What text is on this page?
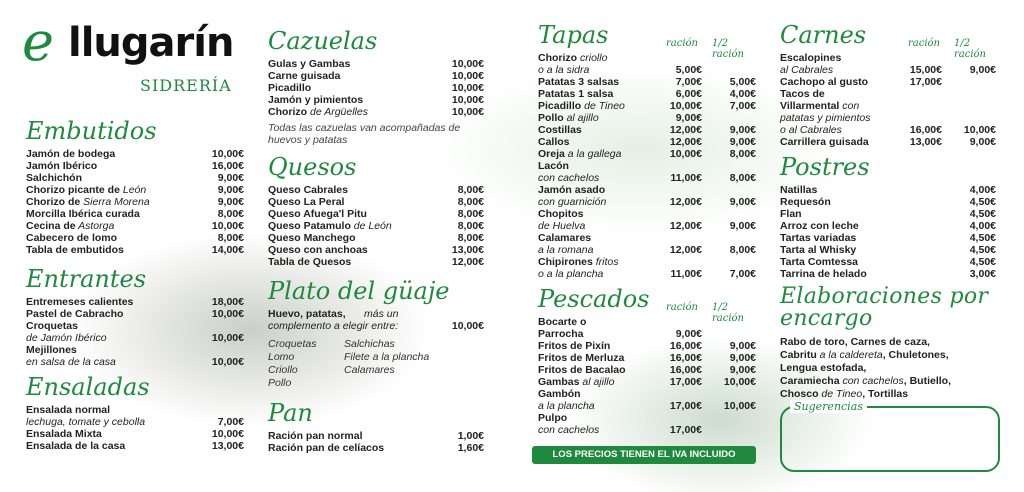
e llugarín
SIDRERÍA
Embutidos
Jamón de bodega	10,00€
Jamón Ibérico	16,00€
Salchichón	9,00€
Chorizo picante de León	9,00€
Chorizo de Sierra Morena	9,00€
Morcilla Ibérica curada	8,00€
Cecina de Astorga	10,00€
Cabecero de lomo	8,00€
Tabla de embutidos	14,00€
Entrantes
Entremeses calientes	18,00€
Pastel de Cabracho	10,00€
Croquetas
de Jamón Ibérico	10,00€
Mejillones
en salsa de la casa	10,00€
Ensaladas
Ensalada normal
lechuga, tomate y cebolla	7,00€
Ensalada Mixta	10,00€
Ensalada de la casa	13,00€
Cazuelas
Gulas y Gambas	10,00€
Carne guisada	10,00€
Picadillo	10,00€
Jamón y pimientos	10,00€
Chorizo de Argüelles	10,00€
Todas las cazuelas van acompañadas de huevos y patatas
Quesos
Queso Cabrales	8,00€
Queso La Peral	8,00€
Queso Afuega'l Pitu	8,00€
Queso Patamulo de León	8,00€
Queso Manchego	8,00€
Queso con anchoas	13,00€
Tabla de Quesos	12,00€
Plato del güaje
Huevo, patatas, más un
complemento a elegir entre:	10,00€
Croquetas	Salchichas
Lomo	Filete a la plancha
Criollo	Calamares
Pollo
Pan
Ración pan normal	1,00€
Ración pan de celíacos	1,60€
Tapas	ración 1/2 ración
Chorizo criollo
o a la sidra	5,00€
Patatas 3 salsas	7,00€	5,00€
Patatas 1 salsa	6,00€	4,00€
Picadillo de Tineo	10,00€	7,00€
Pollo al ajillo	9,00€
Costillas	12,00€	9,00€
Callos	12,00€	9,00€
Oreja a la gallega	10,00€	8,00€
Lacón
con cachelos	11,00€	8,00€
Jamón asado
con guarnición	12,00€	9,00€
Chopitos
de Huelva	12,00€	9,00€
Calamares
a la romana	12,00€	8,00€
Chipirones fritos
o a la plancha	11,00€	7,00€
Pescados	ración 1/2 ración
Bocarte o
Parrocha	9,00€
Fritos de Pixín	16,00€	9,00€
Fritos de Merluza	16,00€	9,00€
Fritos de Bacalao	16,00€	9,00€
Gambas al ajillo	17,00€ 10,00€
Gambón
a la plancha	17,00€ 10,00€
Pulpo
con cachelos	17,00€
LOS PRECIOS TIENEN EL IVA INCLUIDO
Carnes	ración 1/2 ración
Escalopines
al Cabrales	15,00€	9,00€
Cachopo al gusto	17,00€
Tacos de
Villarmental con
patatas y pimientos
o al Cabrales	16,00€ 10,00€
Carrillera guisada	13,00€	9,00€
Postres
Natillas	4,00€
Requesón	4,50€
Flan	4,50€
Arroz con leche	4,00€
Tartas variadas	4,50€
Tarta al Whisky	4,50€
Tarta Comtessa	4,50€
Tarrina de helado	3,00€
Elaboraciones por
encargo
Rabo de toro, Carnes de caza,
Cabritu a la caldereta, Chuletones,
Lengua estofada,
Caramiecha con cachelos, Butiello,
Chosco de Tineo, Tortillas
Sugerencias
